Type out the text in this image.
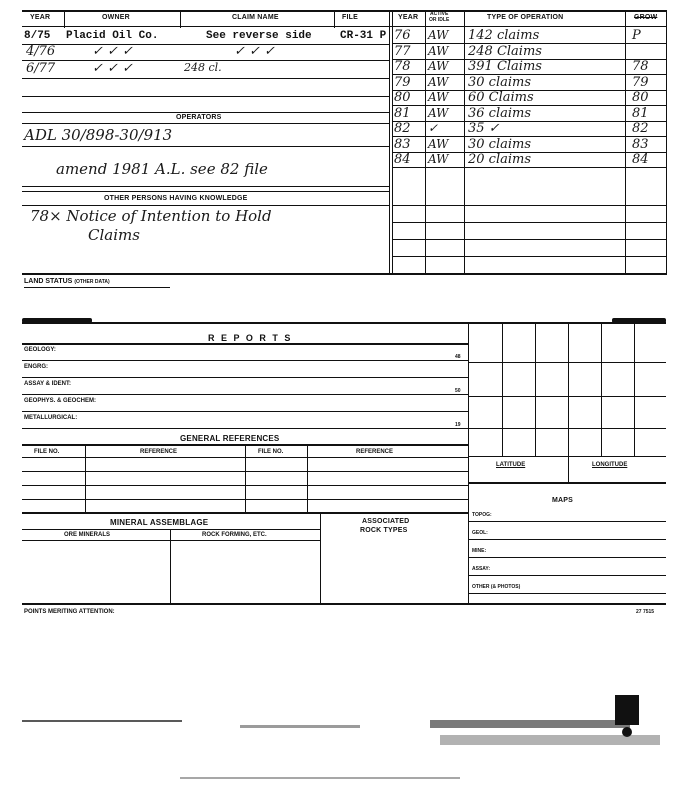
YEAR	OWNER	CLAIM NAME	FILE	YEAR ACTIVE
OR IDLE	TYPE OF OPERATION	GROW
8/75 Placid Oil Co.	See reverse side	CR-31 P
4/76	✓ ✓ ✓	✓ ✓ ✓
6/77	✓ ✓ ✓	248 cl.
OPERATORS
ADL 30/898-30/913
amend 1981 A.L. see 82 file
OTHER PERSONS HAVING KNOWLEDGE
78× Notice of Intention to Hold
Claims
76 AW 142 claims	P
77 AW 248 Claims
78 AW 391 Claims	78
79 AW 30 claims	79
80 AW 60 Claims	80
81 AW 36 claims	81
82 ✓ 35 ✓	82
83 AW 30 claims	83
84 AW 20 claims	84
LAND STATUS (OTHER DATA)
R E P O R T S
GEOLOGY:
48
ENGRG:
ASSAY & IDENT:
50
GEOPHYS. & GEOCHEM:
METALLURGICAL:
19
GENERAL REFERENCES
FILE NO.	REFERENCE	FILE NO.	REFERENCE
LATITUDE	LONGITUDE
MAPS
TOPOG:
GEOL:
MINE:
ASSAY:
OTHER (& PHOTOS)
MINERAL ASSEMBLAGE	ASSOCIATED
ROCK TYPES
ORE MINERALS	ROCK FORMING, ETC.
POINTS MERITING ATTENTION:	27 7515
